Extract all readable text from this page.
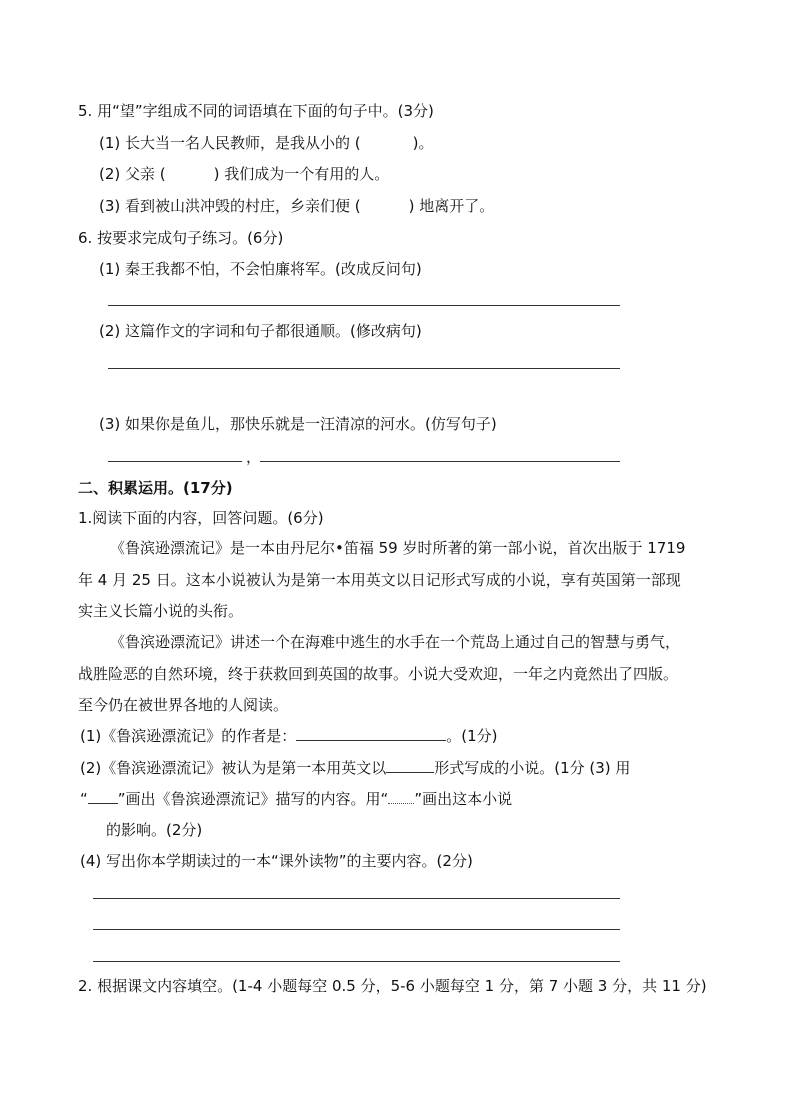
5. 用“望”字组成不同的词语填在下面的句子中。(3分)
(1) 长大当一名人民教师，是我从小的 (	)。
(2) 父亲 (	) 我们成为一个有用的人。
(3) 看到被山洪冲毁的村庄，乡亲们便 (	) 地离开了。
6. 按要求完成句子练习。(6分)
(1) 秦王我都不怕，不会怕廉将军。(改成反问句)
(2) 这篇作文的字词和句子都很通顺。(修改病句)
(3) 如果你是鱼儿，那快乐就是一汪清凉的河水。(仿写句子)
，
二、积累运用。(17分)
1.阅读下面的内容，回答问题。(6分)
《鲁滨逊漂流记》是一本由丹尼尔•笛福 59 岁时所著的第一部小说，首次出版于 1719
年 4 月 25 日。这本小说被认为是第一本用英文以日记形式写成的小说，享有英国第一部现
实主义长篇小说的头衔。
《鲁滨逊漂流记》讲述一个在海难中逃生的水手在一个荒岛上通过自己的智慧与勇气，
战胜险恶的自然环境，终于获救回到英国的故事。小说大受欢迎，一年之内竟然出了四版。
至今仍在被世界各地的人阅读。
(1)《鲁滨逊漂流记》的作者是：	。(1分)
(2)《鲁滨逊漂流记》被认为是第一本用英文以	形式写成的小说。(1分 (3) 用
“ ”画出《鲁滨逊漂流记》描写的内容。用“ ”画出这本小说
的影响。(2分)
(4) 写出你本学期读过的一本“课外读物”的主要内容。(2分)
2. 根据课文内容填空。(1-4 小题每空 0.5 分，5-6 小题每空 1 分，第 7 小题 3 分，共 11 分)
